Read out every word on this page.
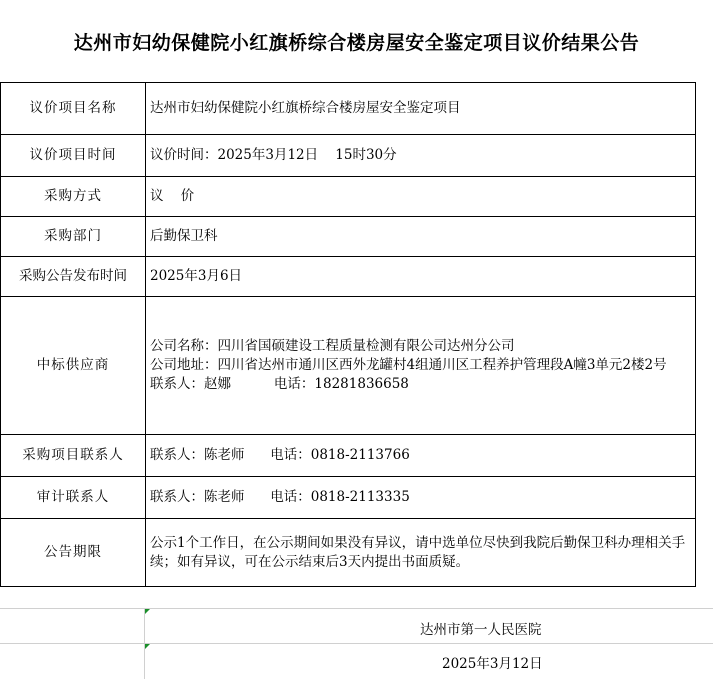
达州市妇幼保健院小红旗桥综合楼房屋安全鉴定项目议价结果公告
议价项目名称	达州市妇幼保健院小红旗桥综合楼房屋安全鉴定项目
议价项目时间	议价时间：2025年3月12日    15时30分
采购方式	议    价
采购部门	后勤保卫科
采购公告发布时间	2025年3月6日
中标供应商	公司名称：四川省国硕建设工程质量检测有限公司达州分公司
公司地址：四川省达州市通川区西外龙罐村4组通川区工程养护管理段A幢3单元2楼2号
联系人：赵娜          电话：18281836658

采购项目联系人	联系人：陈老师      电话：0818-2113766
审计联系人	联系人：陈老师      电话：0818-2113335
公告期限	公示1个工作日，在公示期间如果没有异议，请中选单位尽快到我院后勤保卫科办理相关手续；如有异议，可在公示结束后3天内提出书面质疑。
达州市第一人民医院
2025年3月12日
